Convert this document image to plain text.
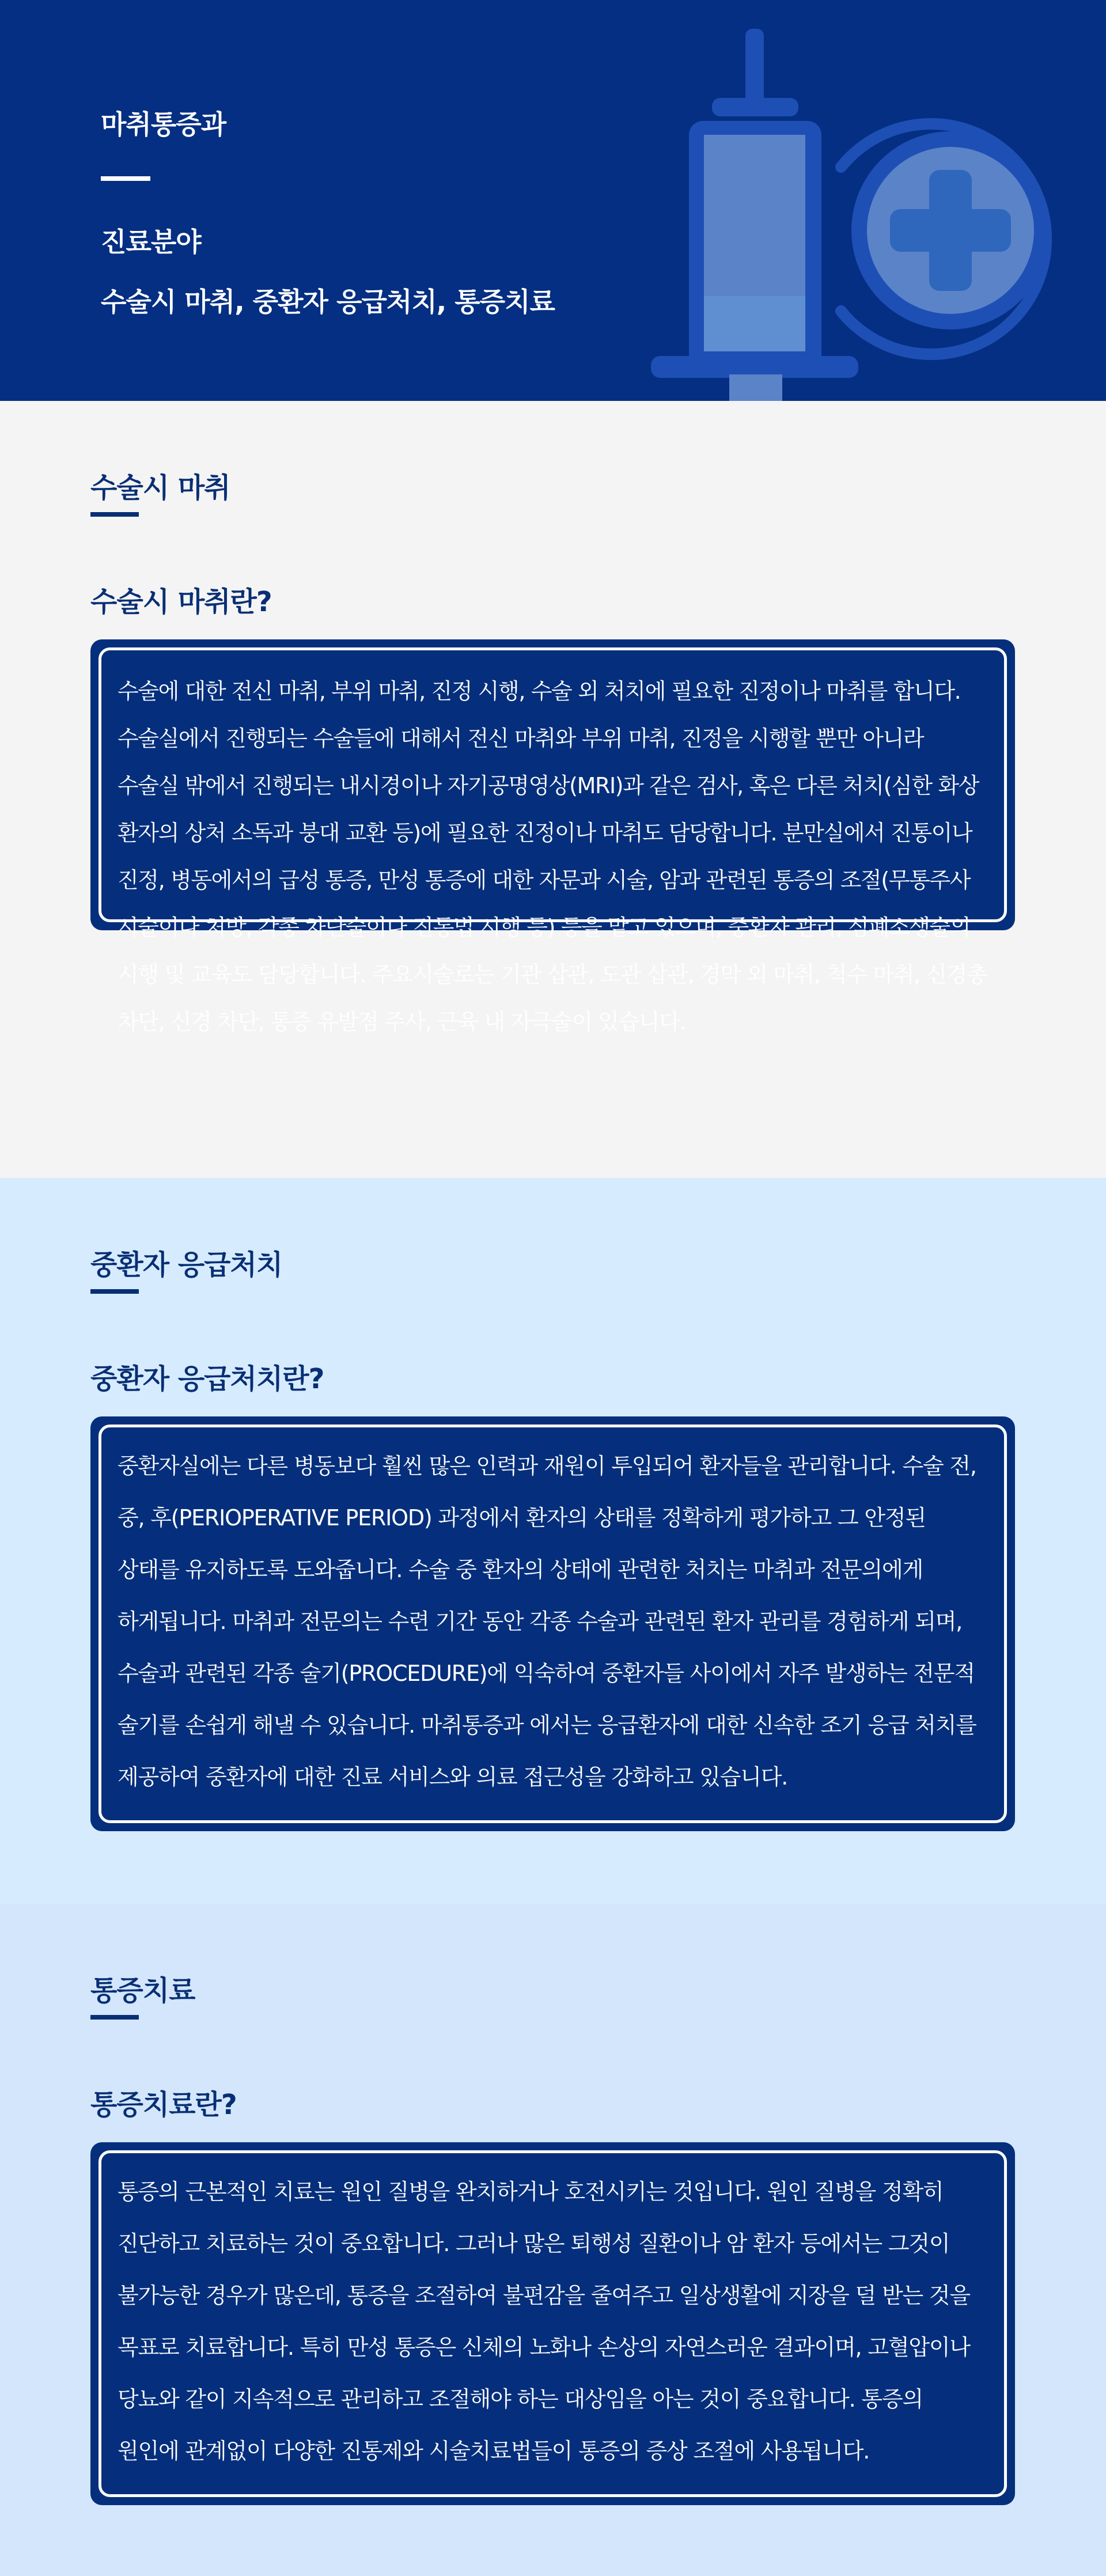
마취통증과
진료분야
수술시 마취, 중환자 응급처치, 통증치료
수술시 마취
수술시 마취란?

수술에 대한 전신 마취, 부위 마취, 진정 시행, 수술 외 처치에 필요한 진정이나 마취를 합니다. 수술실에서 진행되는 수술들에 대해서 전신 마취와 부위 마취, 진정을 시행할 뿐만 아니라 수술실 밖에서 진행되는 내시경이나 자기공명영상(MRI)과 같은 검사, 혹은 다른 처치(심한 화상 환자의 상처 소독과 붕대 교환 등)에 필요한 진정이나 마취도 담당합니다. 분만실에서 진통이나 진정, 병동에서의 급성 통증, 만성 통증에 대한 자문과 시술, 암과 관련된 통증의 조절(무통주사 시술이나 처방, 각종 차단술이나 진통법 시행 등) 등을 맡고 있으며, 중환자 관리, 심폐소생술의 시행 및 교육도 담당합니다. 주요시술로는 기관 삽관, 도관 삽관, 경막 외 마취, 척수 마취, 신경총 차단, 신경 차단, 통증 유발점 주사, 근육 내 자극술이 있습니다.

중환자 응급처치
중환자 응급처치란?

중환자실에는 다른 병동보다 훨씬 많은 인력과 재원이 투입되어 환자들을 관리합니다. 수술 전, 중, 후(PERIOPERATIVE PERIOD) 과정에서 환자의 상태를 정확하게 평가하고 그 안정된 상태를 유지하도록 도와줍니다. 수술 중 환자의 상태에 관련한 처치는 마취과 전문의에게 하게됩니다. 마취과 전문의는 수련 기간 동안 각종 수술과 관련된 환자 관리를 경험하게 되며, 수술과 관련된 각종 술기(PROCEDURE)에 익숙하여 중환자들 사이에서 자주 발생하는 전문적 술기를 손쉽게 해낼 수 있습니다. 마취통증과 에서는 응급환자에 대한 신속한 조기 응급 처치를 제공하여 중환자에 대한 진료 서비스와 의료 접근성을 강화하고 있습니다.

통증치료
통증치료란?

통증의 근본적인 치료는 원인 질병을 완치하거나 호전시키는 것입니다. 원인 질병을 정확히 진단하고 치료하는 것이 중요합니다. 그러나 많은 퇴행성 질환이나 암 환자 등에서는 그것이 불가능한 경우가 많은데, 통증을 조절하여 불편감을 줄여주고 일상생활에 지장을 덜 받는 것을 목표로 치료합니다. 특히 만성 통증은 신체의 노화나 손상의 자연스러운 결과이며, 고혈압이나 당뇨와 같이 지속적으로 관리하고 조절해야 하는 대상임을 아는 것이 중요합니다. 통증의 원인에 관계없이 다양한 진통제와 시술치료법들이 통증의 증상 조절에 사용됩니다.
